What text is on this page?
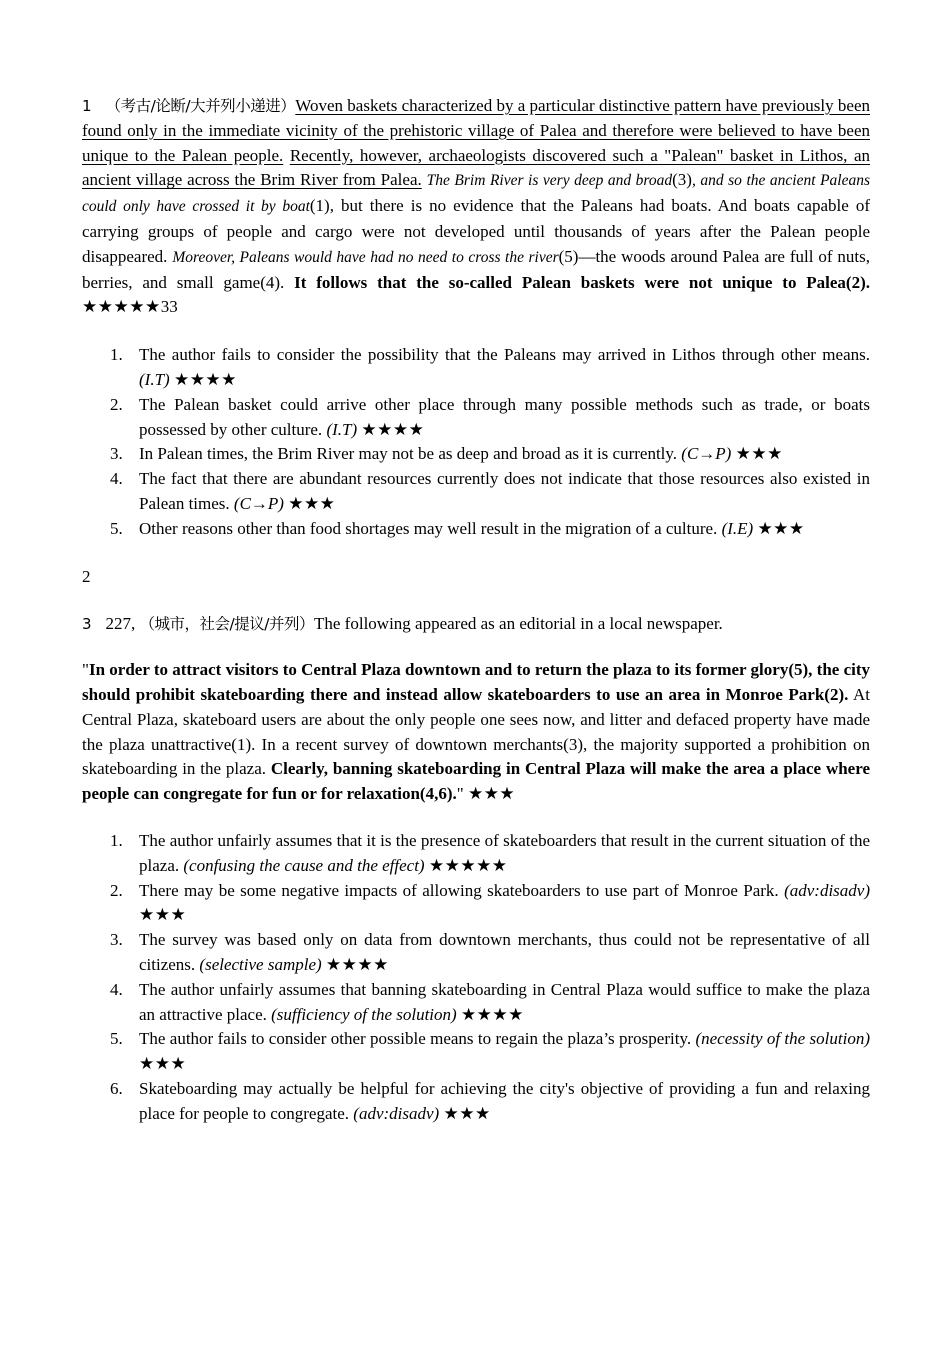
1 （考古/论断/大并列小递进）Woven baskets characterized by a particular distinctive pattern have previously been found only in the immediate vicinity of the prehistoric village of Palea and therefore were believed to have been unique to the Palean people. Recently, however, archaeologists discovered such a "Palean" basket in Lithos, an ancient village across the Brim River from Palea. The Brim River is very deep and broad(3), and so the ancient Paleans could only have crossed it by boat(1), but there is no evidence that the Paleans had boats. And boats capable of carrying groups of people and cargo were not developed until thousands of years after the Palean people disappeared. Moreover, Paleans would have had no need to cross the river(5)—the woods around Palea are full of nuts, berries, and small game(4). It follows that the so-called Palean baskets were not unique to Palea(2). ★★★★★33

1. The author fails to consider the possibility that the Paleans may arrived in Lithos through other means. (I.T) ★★★★
2. The Palean basket could arrive other place through many possible methods such as trade, or boats possessed by other culture. (I.T) ★★★★
3. In Palean times, the Brim River may not be as deep and broad as it is currently. (C→P) ★★★
4. The fact that there are abundant resources currently does not indicate that those resources also existed in Palean times. (C→P) ★★★
5. Other reasons other than food shortages may well result in the migration of a culture. (I.E) ★★★

2

3 227, （城市，社会/提议/并列）The following appeared as an editorial in a local newspaper.

"In order to attract visitors to Central Plaza downtown and to return the plaza to its former glory(5), the city should prohibit skateboarding there and instead allow skateboarders to use an area in Monroe Park(2). At Central Plaza, skateboard users are about the only people one sees now, and litter and defaced property have made the plaza unattractive(1). In a recent survey of downtown merchants(3), the majority supported a prohibition on skateboarding in the plaza. Clearly, banning skateboarding in Central Plaza will make the area a place where people can congregate for fun or for relaxation(4,6)." ★★★

1. The author unfairly assumes that it is the presence of skateboarders that result in the current situation of the plaza. (confusing the cause and the effect) ★★★★★
2. There may be some negative impacts of allowing skateboarders to use part of Monroe Park. (adv:disadv) ★★★
3. The survey was based only on data from downtown merchants, thus could not be representative of all citizens. (selective sample) ★★★★
4. The author unfairly assumes that banning skateboarding in Central Plaza would suffice to make the plaza an attractive place. (sufficiency of the solution) ★★★★
5. The author fails to consider other possible means to regain the plaza’s prosperity. (necessity of the solution) ★★★
6. Skateboarding may actually be helpful for achieving the city's objective of providing a fun and relaxing place for people to congregate. (adv:disadv) ★★★
